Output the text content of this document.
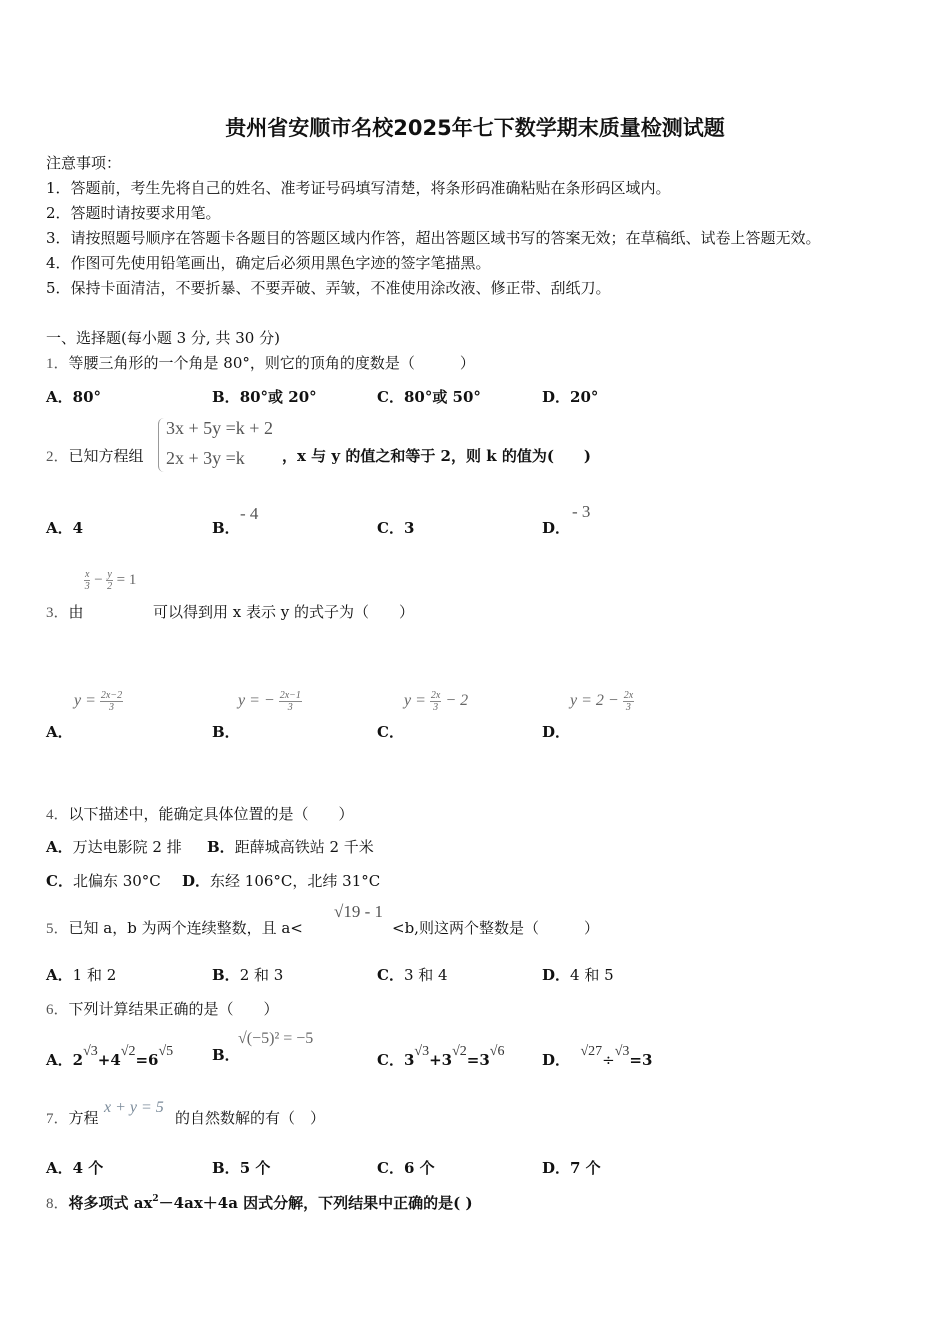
贵州省安顺市名校2025年七下数学期末质量检测试题
注意事项：
1．答题前，考生先将自己的姓名、准考证号码填写清楚，将条形码准确粘贴在条形码区域内。
2．答题时请按要求用笔。
3．请按照题号顺序在答题卡各题目的答题区域内作答，超出答题区域书写的答案无效；在草稿纸、试卷上答题无效。
4．作图可先使用铅笔画出，确定后必须用黑色字迹的签字笔描黑。
5．保持卡面清洁，不要折暴、不要弄破、弄皱，不准使用涂改液、修正带、刮纸刀。
一、选择题(每小题 3 分, 共 30 分)
1．等腰三角形的一个角是 80°，则它的顶角的度数是（　　　）
A．80°	B．80°或 20°	C．80°或 50°	D．20°
2．已知方程组
3x + 5y =k + 2
2x + 3y =k ，x 与 y 的值之和等于 2，则 k 的值为(　　)
A．4	B．
- 4
C．3	D．
- 3
$\frac{x}{3} - \frac{y}{2} = 1$
3．由	可以得到用 x 表示 y 的式子为（　　）
A．
$y = \frac{2x-2}{3}$
B．
y = − $\frac{2x-1}{3}$
C．
$y = \frac{2x}{3} - 2$
D．
$y = 2 - \frac{2x}{3}$
4．以下描述中，能确定具体位置的是（　　）
A．万达电影院 2 排 B．距薛城高铁站 2 千米
C．北偏东 30°C D．东经 106°C，北纬 31°C
5．已知 a，b 为两个连续整数，且 a<
√19 - 1
<b,则这两个整数是（　　　）
A．1 和 2	B．2 和 3	C．3 和 4	D．4 和 5
6．下列计算结果正确的是（　　）
A．2√3+4√2=6√5	B．
√(−5)² = −5
C．3√3+3√2=3√6	D． √27÷√3=3
7．方程
x + y = 5
的自然数解的有（　）
A．4 个	B．5 个	C．6 个	D．7 个
8．将多项式 $ax^2-4ax+4a$ 因式分解，下列结果中正确的是( )
